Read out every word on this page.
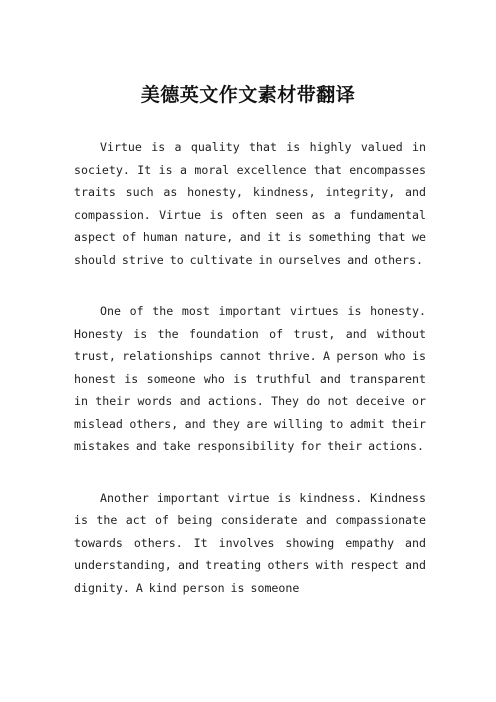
美德英文作文素材带翻译

Virtue is a quality that is highly valued in society. It is a moral excellence that encompasses traits such as honesty, kindness, integrity, and compassion. Virtue is often seen as a fundamental aspect of human nature, and it is something that we should strive to cultivate in ourselves and others.

One of the most important virtues is honesty. Honesty is the foundation of trust, and without trust, relationships cannot thrive. A person who is honest is someone who is truthful and transparent in their words and actions. They do not deceive or mislead others, and they are willing to admit their mistakes and take responsibility for their actions.

Another important virtue is kindness. Kindness is the act of being considerate and compassionate towards others. It involves showing empathy and understanding, and treating others with respect and dignity. A kind person is someone
